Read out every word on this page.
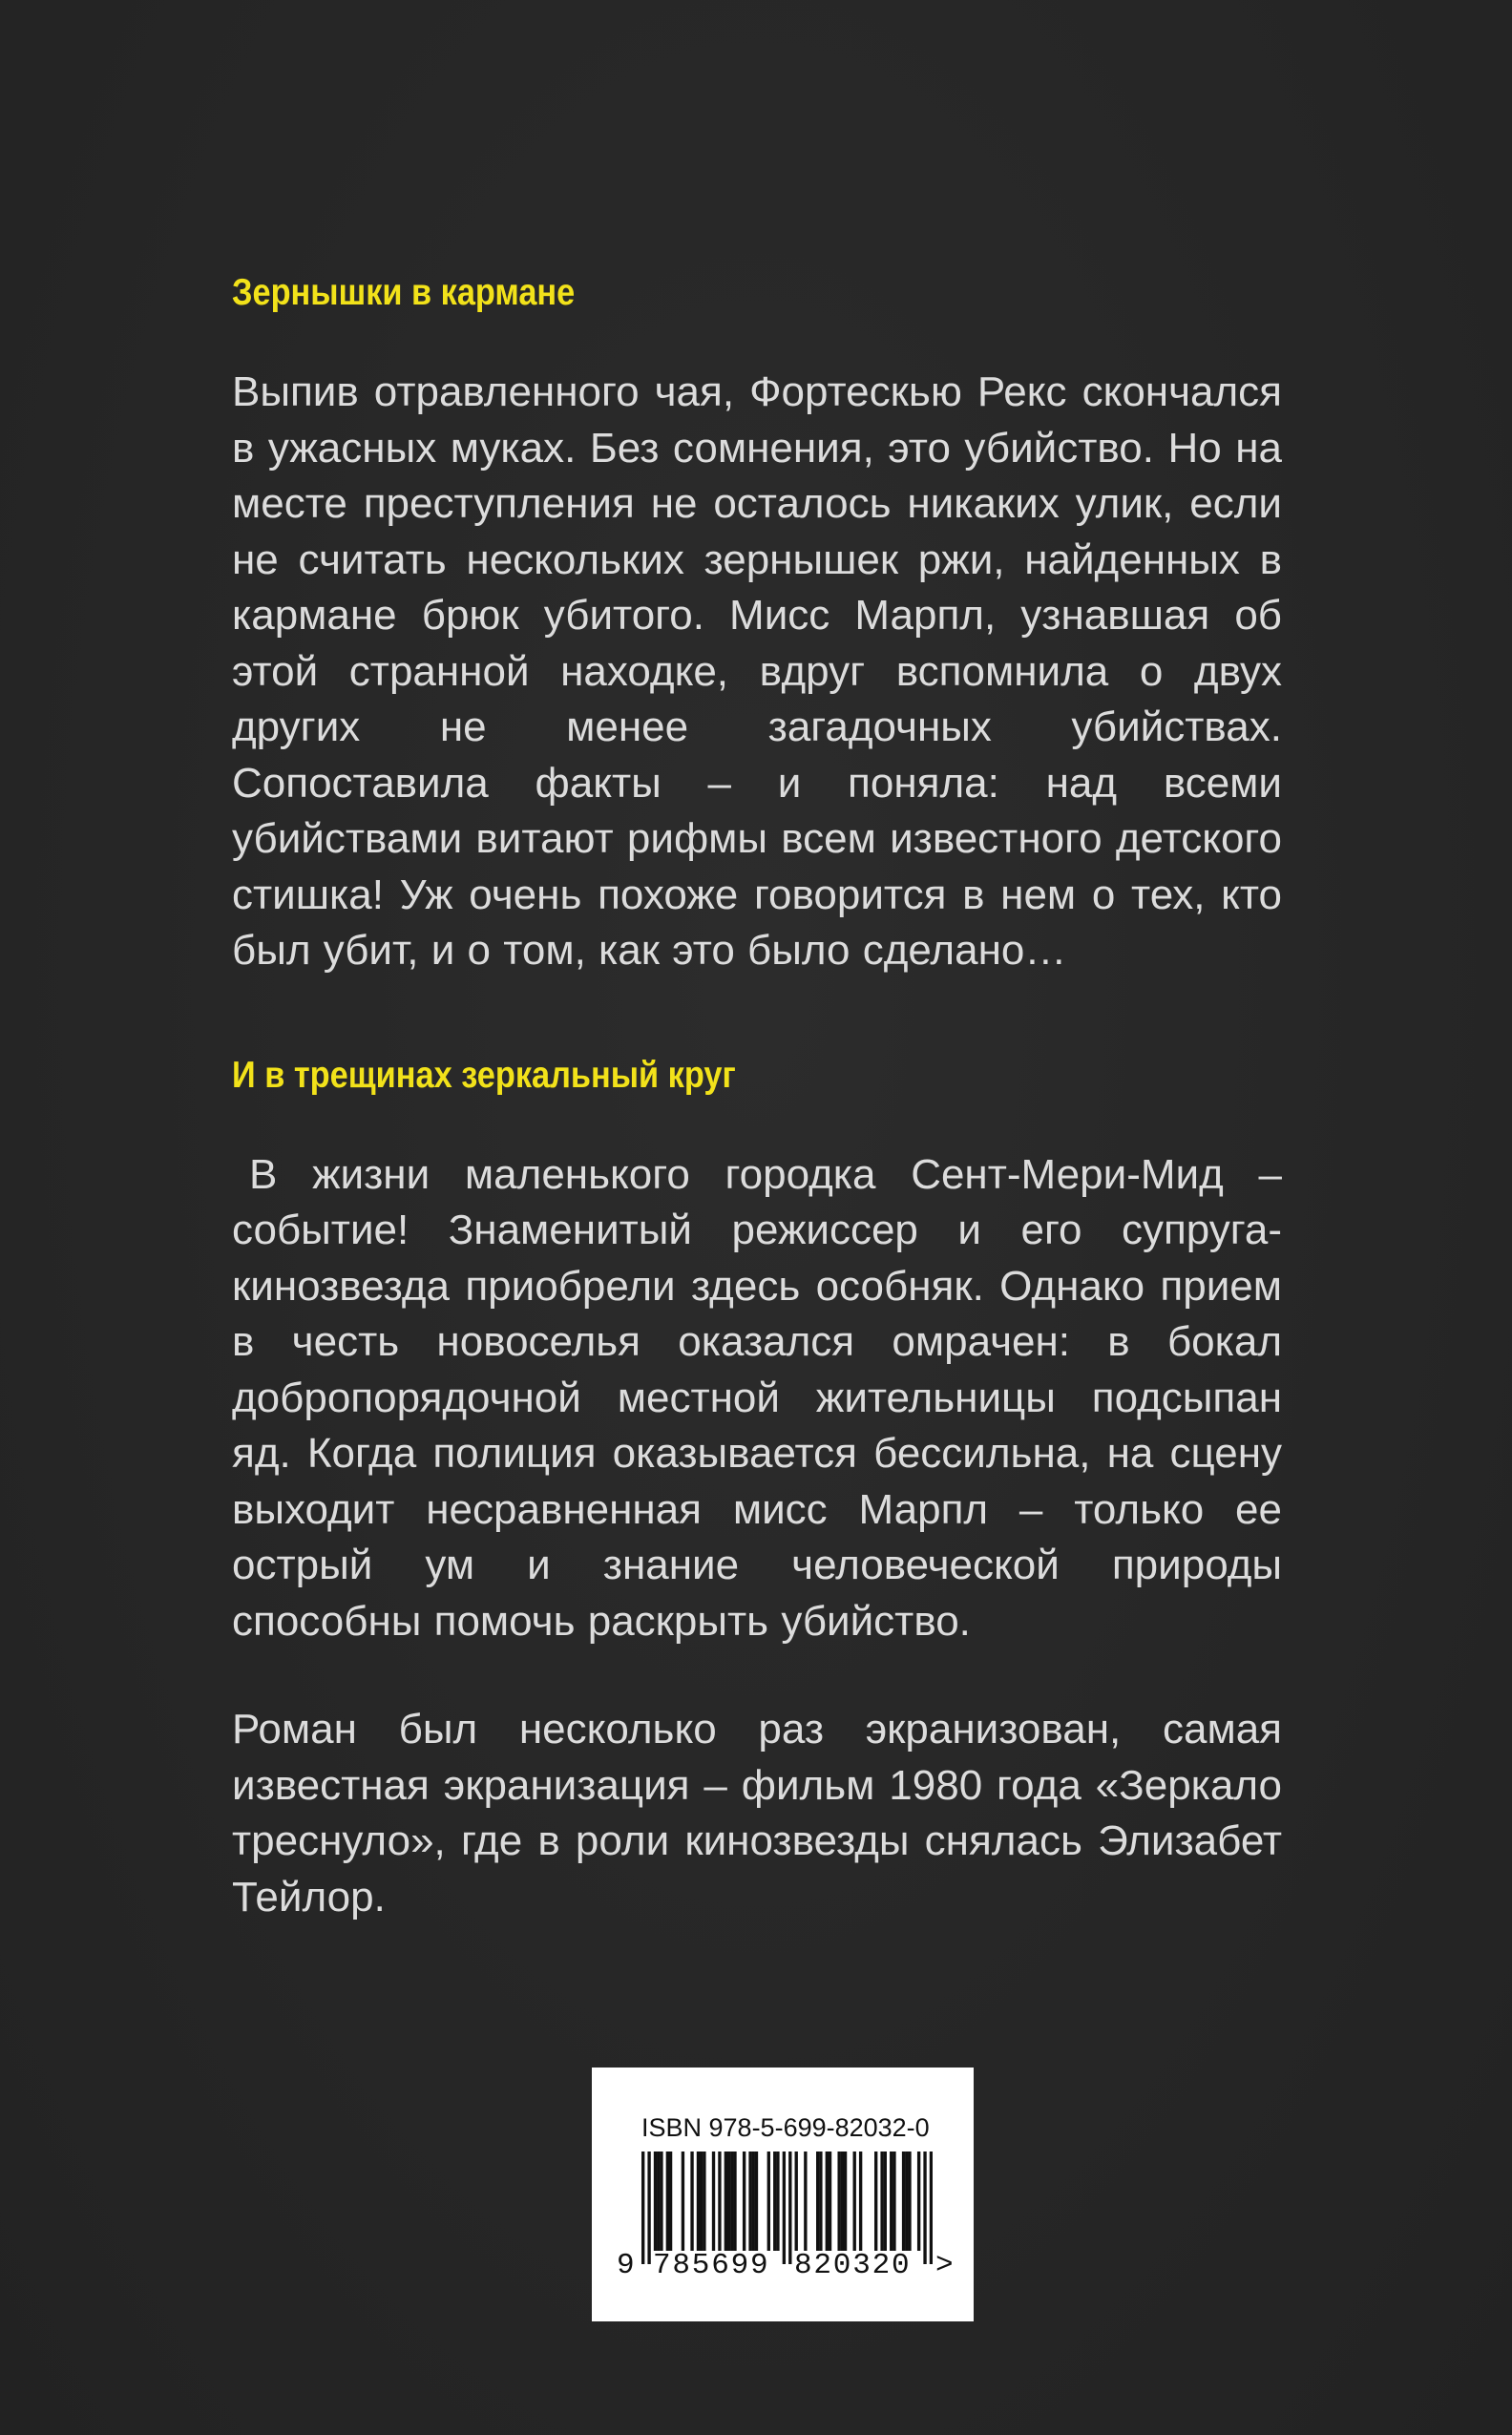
Зернышки в кармане

Выпив отравленного чая, Фортескью Рекс скончался в ужасных муках. Без сомнения, это убийство. Но на месте преступления не осталось никаких улик, если не считать нескольких зернышек ржи, найденных в кармане брюк убитого. Мисс Марпл, узнавшая об этой странной находке, вдруг вспомнила о двух других не менее загадочных убийствах. Сопоставила факты – и поняла: над всеми убийствами витают рифмы всем известного детского стишка! Уж очень похоже говорится в нем о тех, кто был убит, и о том, как это было сделано…

И в трещинах зеркальный круг

В жизни маленького городка Сент-Мери-Мид – событие! Знаменитый режиссер и его супруга-кинозвезда приобрели здесь особняк. Однако прием в честь новоселья оказался омрачен: в бокал добропорядочной местной жительницы подсыпан яд. Когда полиция оказывается бессильна, на сцену выходит несравненная мисс Марпл – только ее острый ум и знание человеческой природы способны помочь раскрыть убийство.

Роман был несколько раз экранизован, самая известная экранизация – фильм 1980 года «Зеркало треснуло», где в роли кинозвезды снялась Элизабет Тейлор.

ISBN 978-5-699-82032-0
9 785699 820320 >
